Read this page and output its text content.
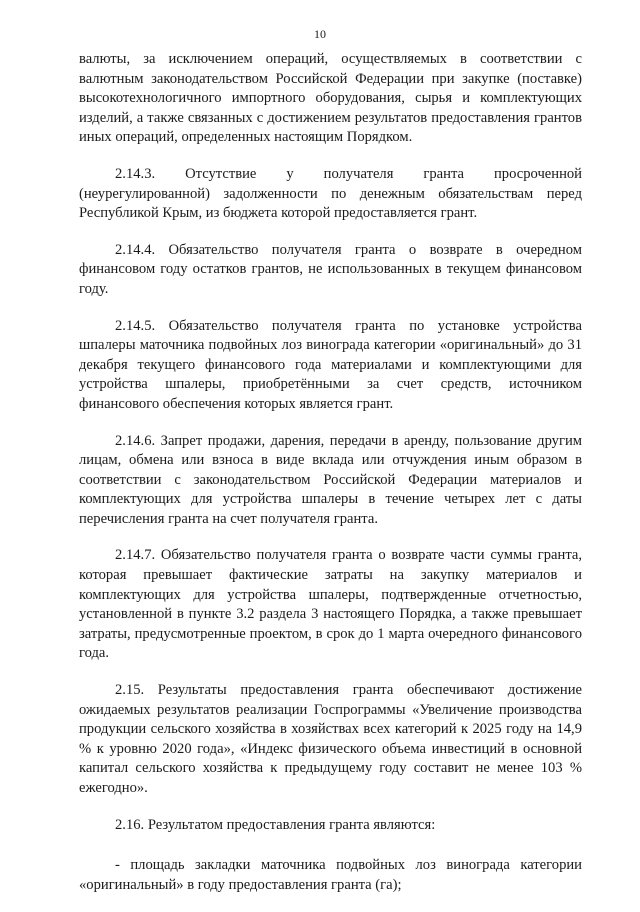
10

валюты, за исключением операций, осуществляемых в соответствии с валютным законодательством Российской Федерации при закупке (поставке) высокотехнологичного импортного оборудования, сырья и комплектующих изделий, а также связанных с достижением результатов предоставления грантов иных операций, определенных настоящим Порядком.

2.14.3. Отсутствие у получателя гранта просроченной (неурегулированной) задолженности по денежным обязательствам перед Республикой Крым, из бюджета которой предоставляется грант.

2.14.4. Обязательство получателя гранта о возврате в очередном финансовом году остатков грантов, не использованных в текущем финансовом году.

2.14.5. Обязательство получателя гранта по установке устройства шпалеры маточника подвойных лоз винограда категории «оригинальный» до 31 декабря текущего финансового года материалами и комплектующими для устройства шпалеры, приобретёнными за счет средств, источником финансового обеспечения которых является грант.

2.14.6. Запрет продажи, дарения, передачи в аренду, пользование другим лицам, обмена или взноса в виде вклада или отчуждения иным образом в соответствии с законодательством Российской Федерации материалов и комплектующих для устройства шпалеры в течение четырех лет с даты перечисления гранта на счет получателя гранта.

2.14.7. Обязательство получателя гранта о возврате части суммы гранта, которая превышает фактические затраты на закупку материалов и комплектующих для устройства шпалеры, подтвержденные отчетностью, установленной в пункте 3.2 раздела 3 настоящего Порядка, а также превышает затраты, предусмотренные проектом, в срок до 1 марта очередного финансового года.

2.15. Результаты предоставления гранта обеспечивают достижение ожидаемых результатов реализации Госпрограммы «Увеличение производства продукции сельского хозяйства в хозяйствах всех категорий к 2025 году на 14,9 % к уровню 2020 года», «Индекс физического объема инвестиций в основной капитал сельского хозяйства к предыдущему году составит не менее 103 % ежегодно».

2.16. Результатом предоставления гранта являются:

- площадь закладки маточника подвойных лоз винограда категории «оригинальный» в году предоставления гранта (га);
